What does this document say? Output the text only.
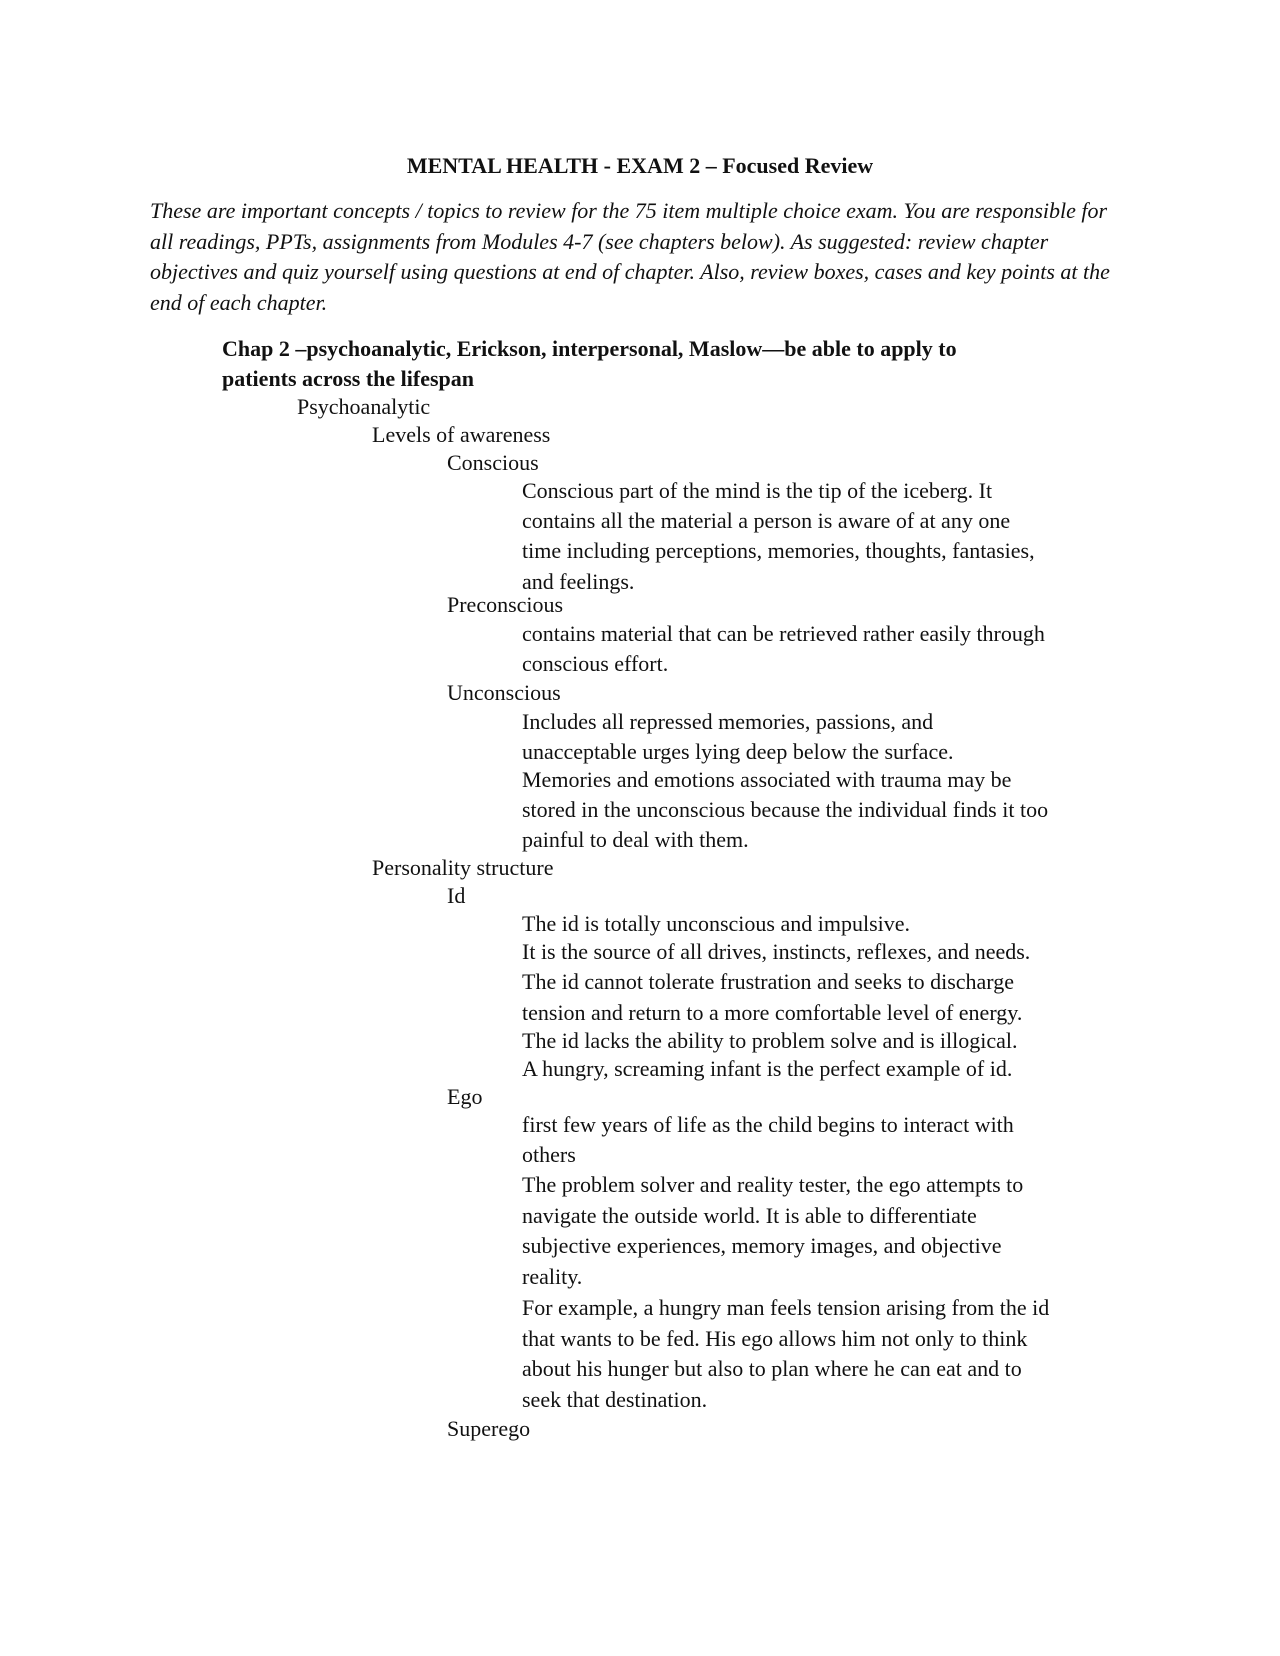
MENTAL HEALTH - EXAM 2 – Focused Review

These are important concepts / topics to review for the 75 item multiple choice exam. You are responsible for all readings, PPTs, assignments from Modules 4-7 (see chapters below). As suggested: review chapter objectives and quiz yourself using questions at end of chapter. Also, review boxes, cases and key points at the end of each chapter.

Chap 2 –psychoanalytic, Erickson, interpersonal, Maslow—be able to apply to
patients across the lifespan
Psychoanalytic
Levels of awareness
Conscious
Conscious part of the mind is the tip of the iceberg. It
contains all the material a person is aware of at any one
time including perceptions, memories, thoughts, fantasies,
and feelings.
Preconscious
contains material that can be retrieved rather easily through
conscious effort.
Unconscious
Includes all repressed memories, passions, and
unacceptable urges lying deep below the surface.
Memories and emotions associated with trauma may be
stored in the unconscious because the individual finds it too
painful to deal with them.
Personality structure
Id
The id is totally unconscious and impulsive.
It is the source of all drives, instincts, reflexes, and needs.
The id cannot tolerate frustration and seeks to discharge
tension and return to a more comfortable level of energy.
The id lacks the ability to problem solve and is illogical.
A hungry, screaming infant is the perfect example of id.
Ego
first few years of life as the child begins to interact with
others
The problem solver and reality tester, the ego attempts to
navigate the outside world. It is able to differentiate
subjective experiences, memory images, and objective
reality.
For example, a hungry man feels tension arising from the id
that wants to be fed. His ego allows him not only to think
about his hunger but also to plan where he can eat and to
seek that destination.
Superego
